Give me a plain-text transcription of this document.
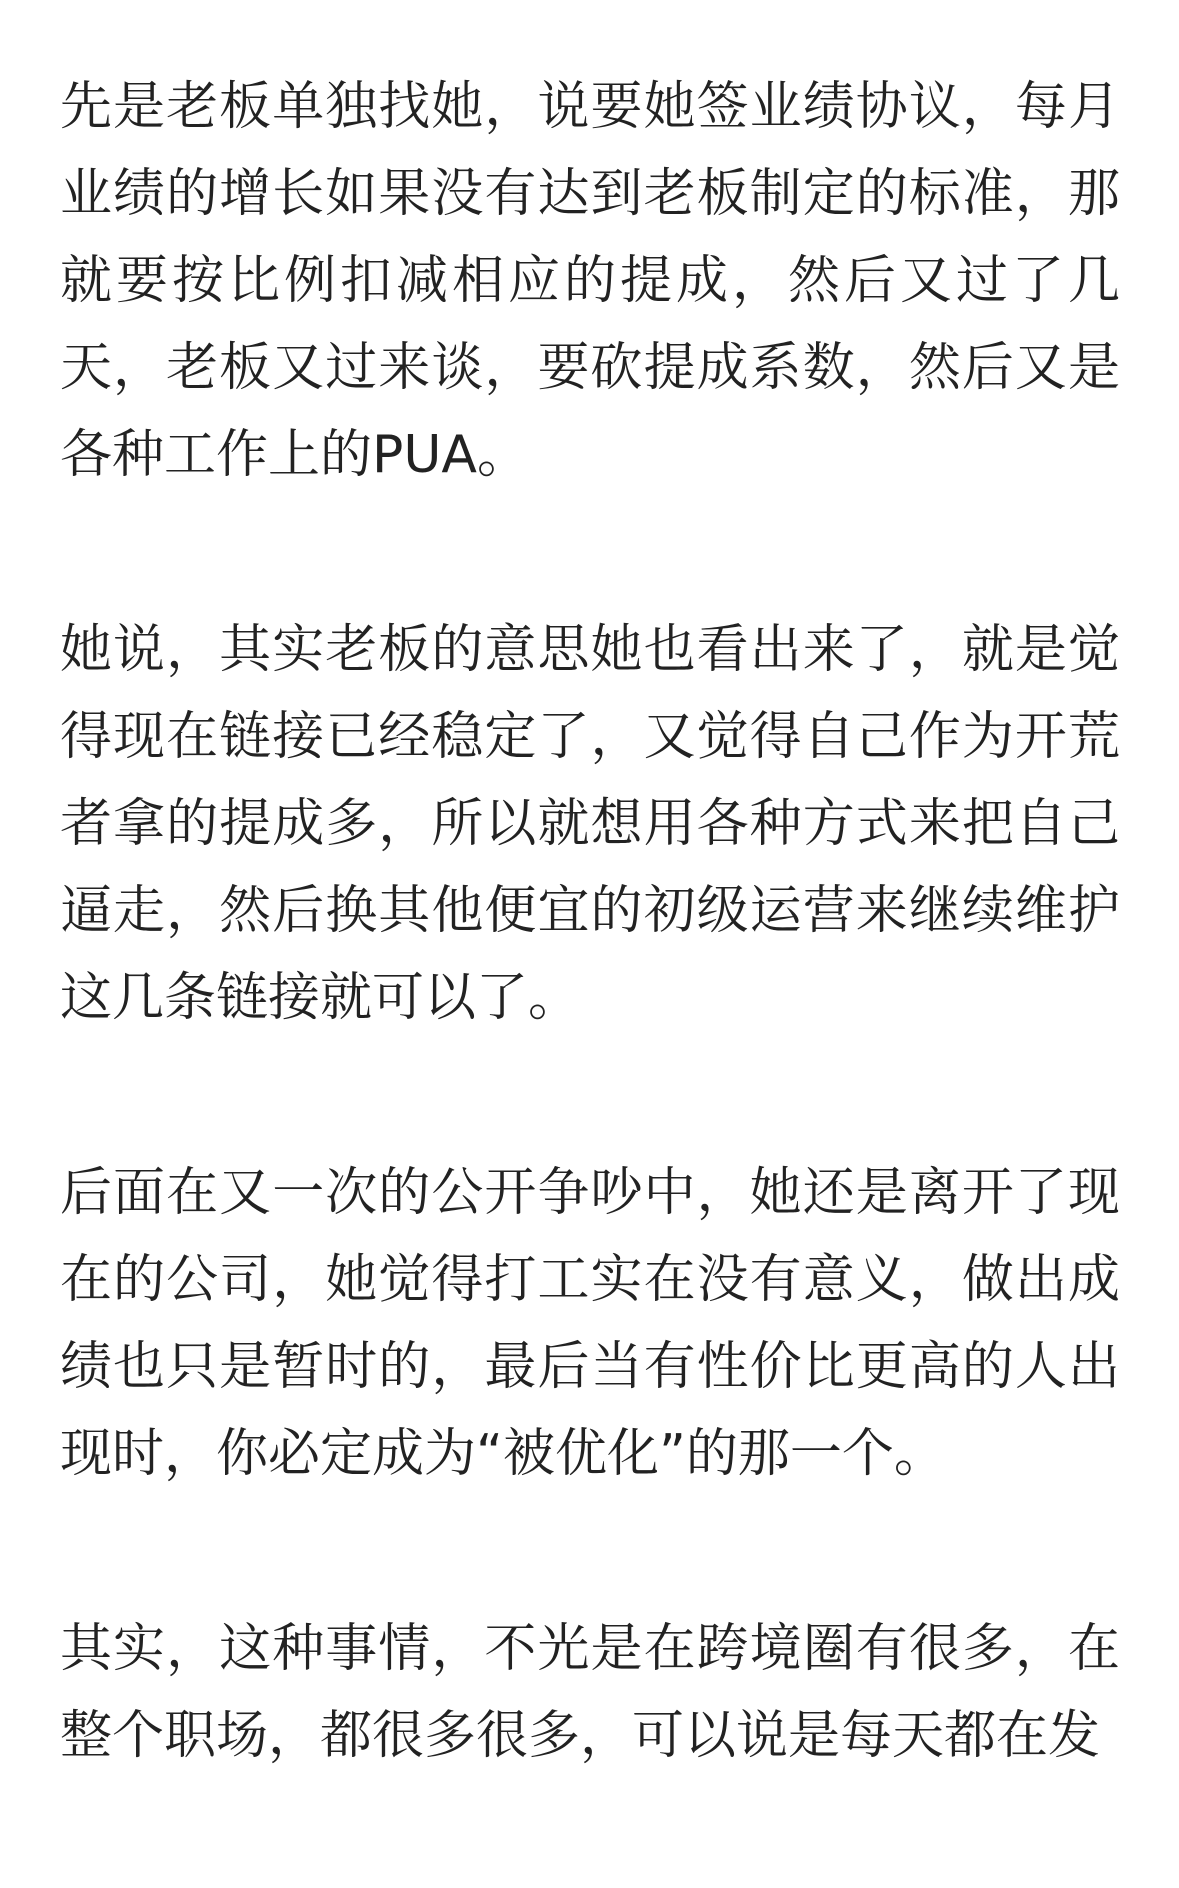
先是老板单独找她，说要她签业绩协议，每月业绩的增长如果没有达到老板制定的标准，那就要按比例扣减相应的提成，然后又过了几天，老板又过来谈，要砍提成系数，然后又是各种工作上的PUA。

她说，其实老板的意思她也看出来了，就是觉得现在链接已经稳定了，又觉得自己作为开荒者拿的提成多，所以就想用各种方式来把自己逼走，然后换其他便宜的初级运营来继续维护这几条链接就可以了。

后面在又一次的公开争吵中，她还是离开了现在的公司，她觉得打工实在没有意义，做出成绩也只是暂时的，最后当有性价比更高的人出现时，你必定成为“被优化”的那一个。

其实，这种事情，不光是在跨境圈有很多，在整个职场，都很多很多，可以说是每天都在发
